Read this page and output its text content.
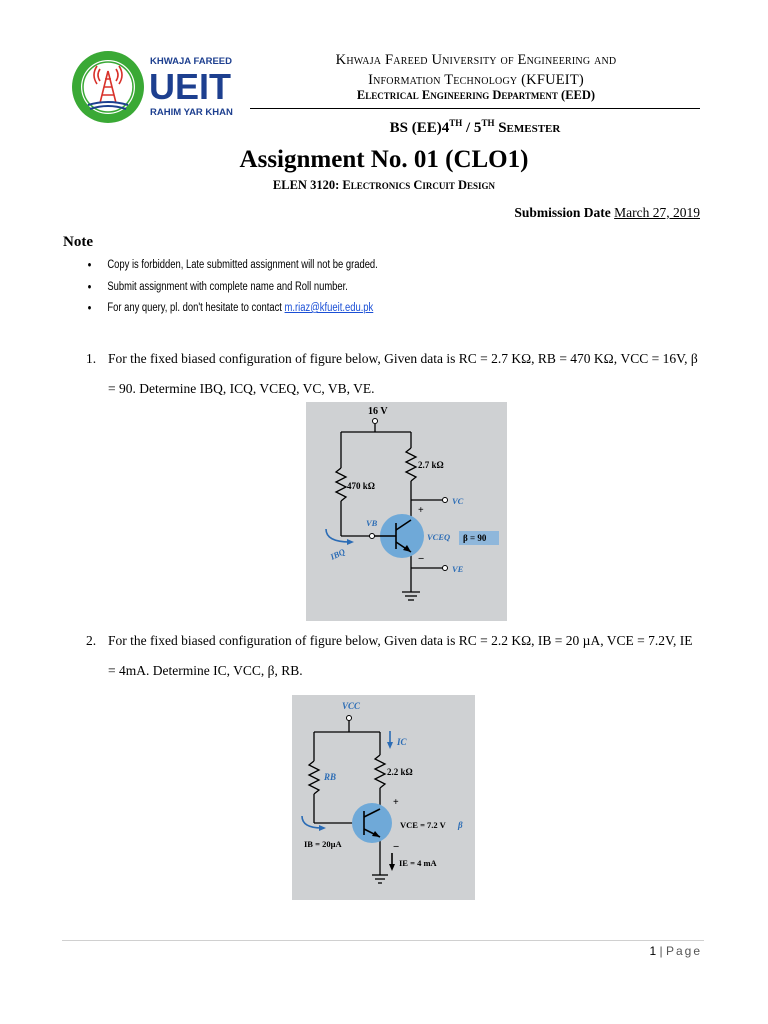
KHWAJA FAREED
UEIT
RAHIM YAR KHAN
Khwaja Fareed University of Engineering and
Information Technology (KFUEIT)
Electrical Engineering Department (EED)
BS (EE)4TH / 5TH Semester
Assignment No. 01 (CLO1)
ELEN 3120: Electronics Circuit Design
Submission Date March 27, 2019
Note
• Copy is forbidden, Late submitted assignment will not be graded.
• Submit assignment with complete name and Roll number.
• For any query, pl. don't hesitate to contact m.riaz@kfueit.edu.pk
1. For the fixed biased configuration of figure below, Given data is RC = 2.7 KΩ, RB = 470 KΩ, VCC = 16V, β = 90. Determine IBQ, ICQ, VCEQ, VC, VB, VE.
16 V
2.7 kΩ
470 kΩ
VC
VE
VB
VCEQ
+
−
β = 90
IBQ
2. For the fixed biased configuration of figure below, Given data is RC = 2.2 KΩ, IB = 20 µA, VCE = 7.2V, IE = 4mA. Determine IC, VCC, β, RB.
VCC
IC
2.2 kΩ
RB
+
VCE = 7.2 V β
−
IB = 20µA
IE = 4 mA
1 | Page
